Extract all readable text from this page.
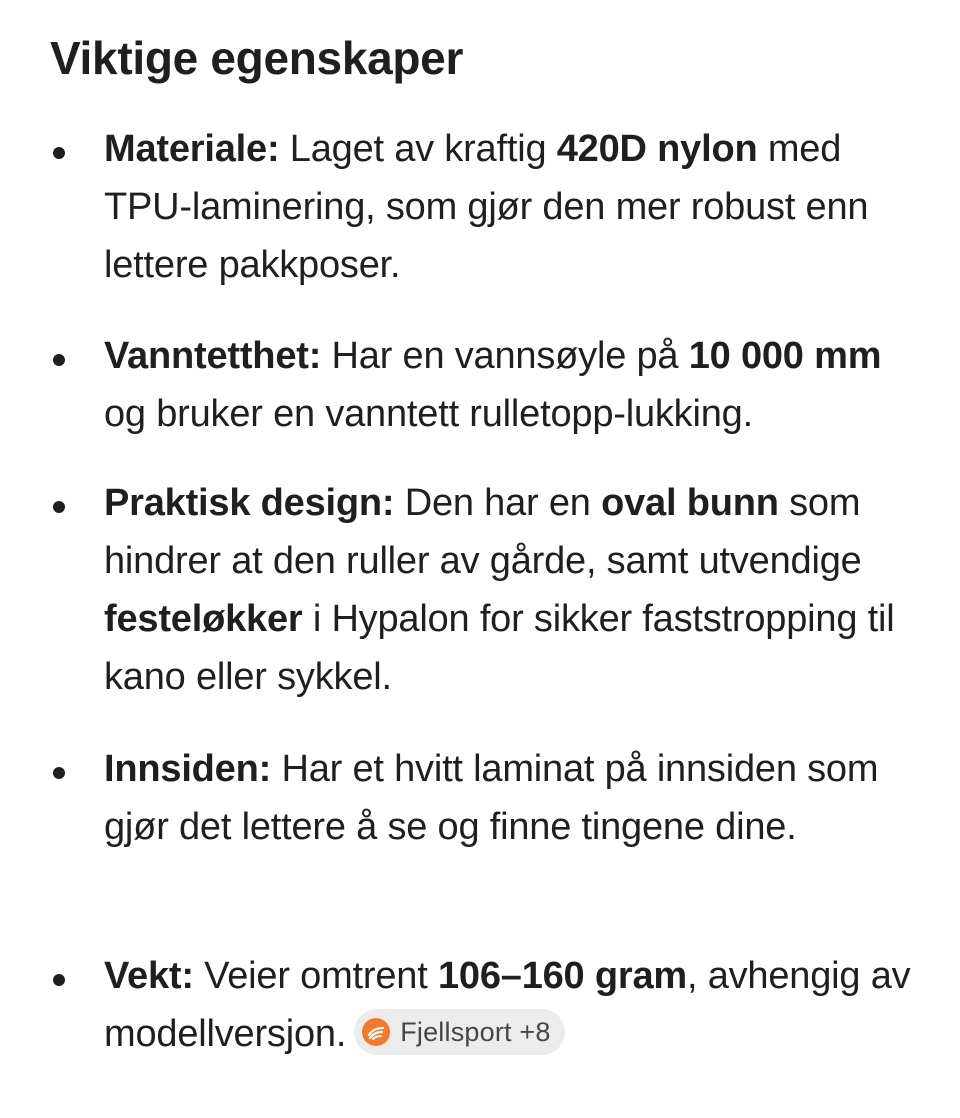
Viktige egenskaper
Materiale: Laget av kraftig 420D nylon med TPU-laminering, som gjør den mer robust enn lettere pakkposer.
Vanntetthet: Har en vannsøyle på 10 000 mm og bruker en vanntett rulletopp-lukking.
Praktisk design: Den har en oval bunn som hindrer at den ruller av gårde, samt utvendige festeløkker i Hypalon for sikker faststropping til kano eller sykkel.
Innsiden: Har et hvitt laminat på innsiden som gjør det lettere å se og finne tingene dine.
Vekt: Veier omtrent 106–160 gram, avhengig av modellversjon. Fjellsport +8
